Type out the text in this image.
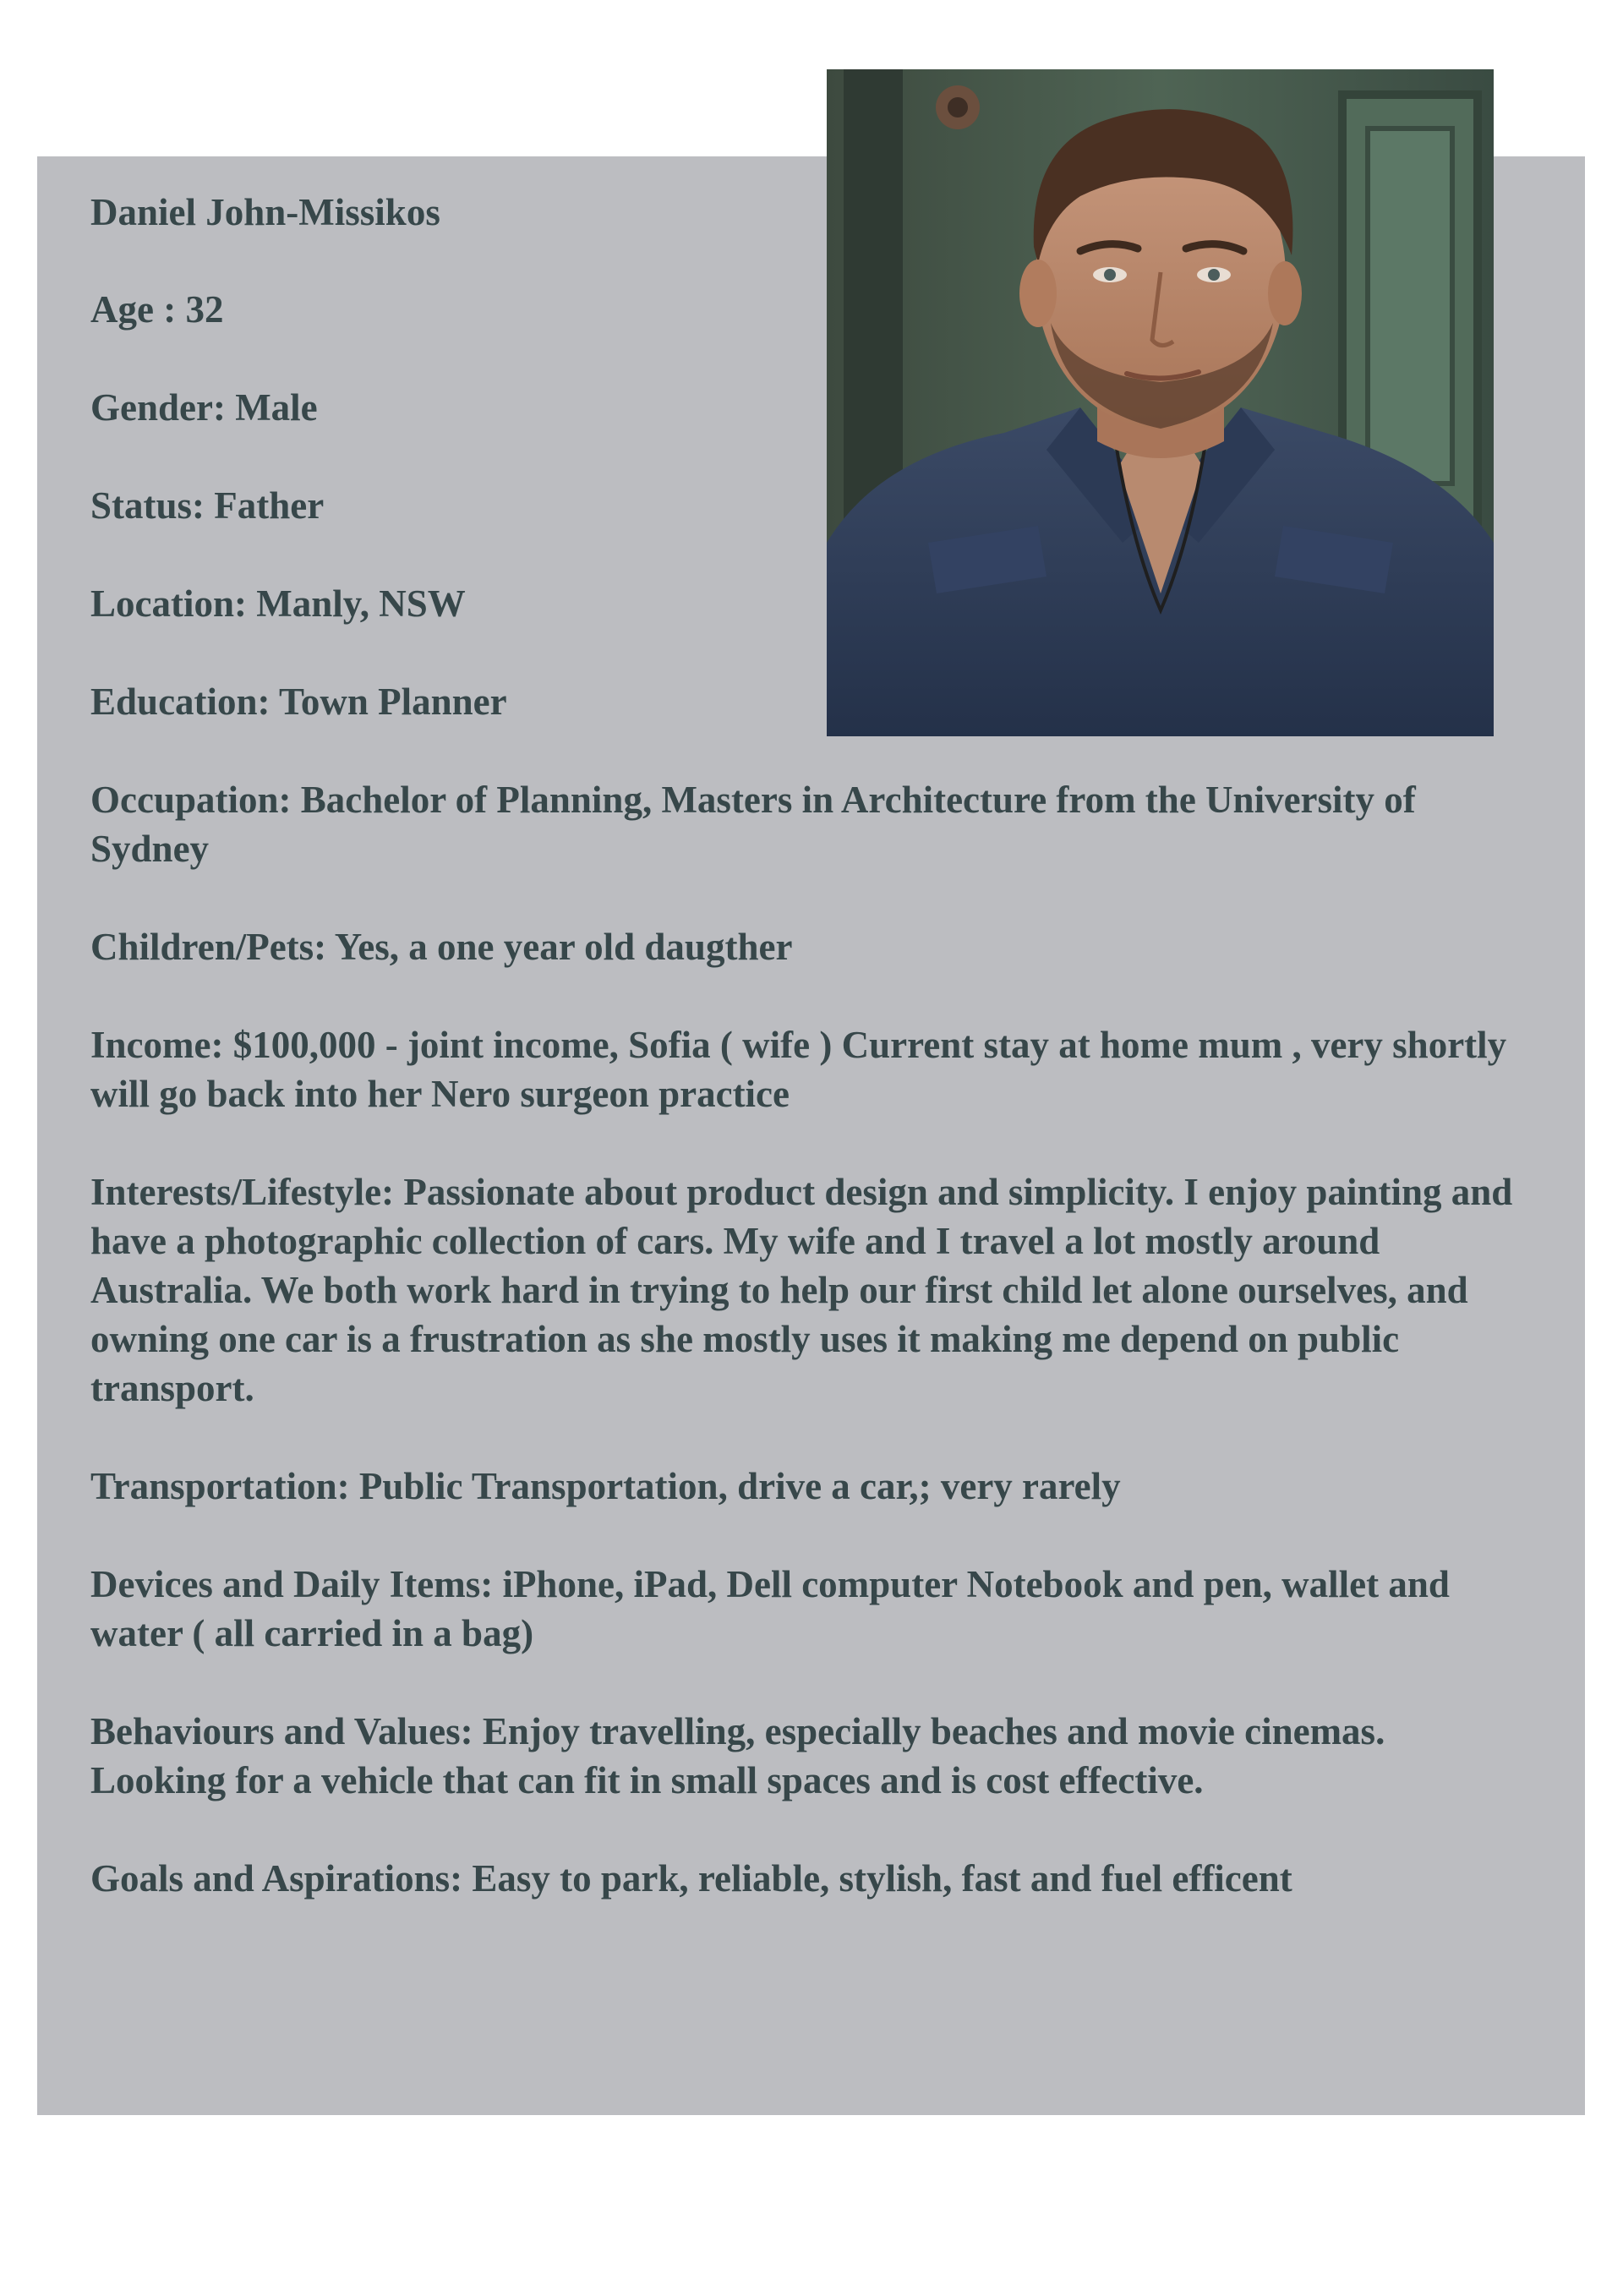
Daniel John-Missikos

Age : 32

Gender: Male

Status: Father

Location: Manly, NSW

Education: Town Planner

Occupation: Bachelor of Planning, Masters in Architecture from the University of Sydney

Children/Pets: Yes, a one year old daugther

Income: $100,000 - joint income, Sofia ( wife ) Current stay at home mum , very shortly will go back into her Nero surgeon practice

Interests/Lifestyle: Passionate about product design and simplicity. I enjoy painting and have a photographic collection of cars. My wife and I travel a lot mostly around Australia. We both work hard in trying to help our first child let alone ourselves, and owning one car is a frustration as she mostly uses it making me depend on public transport.

Transportation: Public Transportation, drive a car,; very rarely

Devices and Daily Items: iPhone, iPad, Dell computer Notebook and pen, wallet and water ( all carried in a bag)

Behaviours and Values: Enjoy travelling, especially beaches and movie cinemas. Looking for a vehicle that can fit in small spaces and is cost effective.

Goals and Aspirations: Easy to park, reliable, stylish, fast and fuel efficent
